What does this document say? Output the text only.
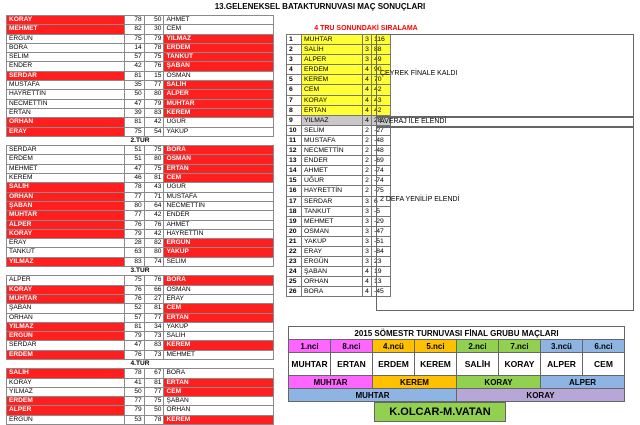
13.GELENEKSEL BATAKTURNUVASI MAÇ SONUÇLARI
KORAY	78	50	AHMET
MEHMET	82	30	CEM
ERGÜN	75	79	YILMAZ
BORA	14	78	ERDEM
SELİM	57	75	TANKUT
ENDER	42	76	ŞABAN
SERDAR	81	15	OSMAN
MUSTAFA	35	77	SALİH
HAYRETTİN	50	80	ALPER
NECMETTİN	47	79	MUHTAR
ERTAN	39	83	KEREM
ORHAN	81	42	UĞUR
ERAY	75	54	YAKUP
2.TUR			
SERDAR	51	75	BORA
ERDEM	51	80	OSMAN
MEHMET	47	75	ERTAN
KEREM	46	81	CEM
SALİH	78	43	UĞUR
ORHAN	77	71	MUSTAFA
ŞABAN	80	64	NECMETTİN
MUHTAR	77	42	ENDER
ALPER	76	76	AHMET
KORAY	79	42	HAYRETTİN
ERAY	28	82	ERGÜN
TANKUT	63	80	YAKUP
YILMAZ	83	74	SELİM
3.TUR			
ALPER	75	76	BORA
KORAY	76	66	OSMAN
MUHTAR	76	27	ERAY
ŞABAN	52	81	CEM
ORHAN	57	77	ERTAN
YILMAZ	81	34	YAKUP
ERGÜN	79	73	SALİH
SERDAR	47	83	KEREM
ERDEM	76	73	MEHMET
4.TUR			
SALİH	78	67	BORA
KORAY	41	81	ERTAN
YILMAZ	50	77	CEM
ERDEM	77	75	ŞABAN
ALPER	79	50	ORHAN
ERGÜN	53	78	KEREM
4 TRU SONUNDAKİ SIRALAMA
1	MUHTAR	3	116
2	SALİH	3	88
3	ALPER	3	49
4	ERDEM	4	90
5	KEREM	4	70
6	CEM	4	42
7	KORAY	4	43
8	ERTAN	4	42
9	YILMAZ	4	28
10	SELİM	2	-27
11	MUSTAFA	2	-48
12	NECMETTİN	2	-48
13	ENDER	2	-69
14	AHMET	2	-74
15	UĞUR	2	-74
16	HAYRETTİN	2	-75
17	SERDAR	3	6
18	TANKUT	3	-5
19	MEHMET	3	-29
20	OSMAN	3	-47
21	YAKUP	3	-51
22	ERAY	3	-84
23	ERGÜN	3	23
24	ŞABAN	4	19
25	ORHAN	4	13
26	BORA	4	-45
ÇEYREK FİNALE KALDI
AVERAJ İLE ELENDİ
2 DEFA YENİLİP ELENDİ
2015 SÖMESTR TURNUVASI FİNAL GRUBU MAÇLARI							
1.nci	8.nci	4.ncü	5.nci	2.nci	7.nci	3.ncü	6.nci
MUHTAR	ERTAN	ERDEM	KEREM	SALİH	KORAY	ALPER	CEM
MUHTAR		KEREM		KORAY		ALPER	
MUHTAR				KORAY			
K.OLCAR-M.VATAN
